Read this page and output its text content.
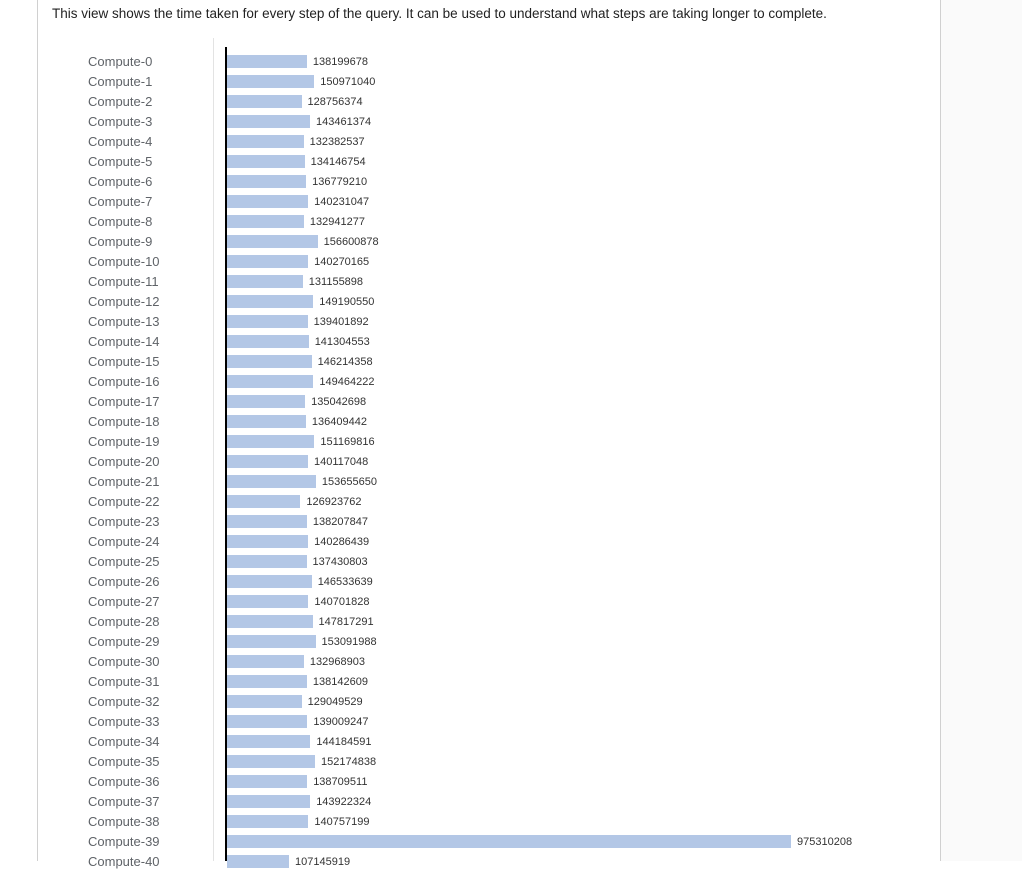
This view shows the time taken for every step of the query. It can be used to understand what steps are taking longer to complete.
Compute-0	138199678
Compute-1	150971040
Compute-2	128756374
Compute-3	143461374
Compute-4	132382537
Compute-5	134146754
Compute-6	136779210
Compute-7	140231047
Compute-8	132941277
Compute-9	156600878
Compute-10	140270165
Compute-11	131155898
Compute-12	149190550
Compute-13	139401892
Compute-14	141304553
Compute-15	146214358
Compute-16	149464222
Compute-17	135042698
Compute-18	136409442
Compute-19	151169816
Compute-20	140117048
Compute-21	153655650
Compute-22	126923762
Compute-23	138207847
Compute-24	140286439
Compute-25	137430803
Compute-26	146533639
Compute-27	140701828
Compute-28	147817291
Compute-29	153091988
Compute-30	132968903
Compute-31	138142609
Compute-32	129049529
Compute-33	139009247
Compute-34	144184591
Compute-35	152174838
Compute-36	138709511
Compute-37	143922324
Compute-38	140757199
Compute-39	975310208
Compute-40	107145919
